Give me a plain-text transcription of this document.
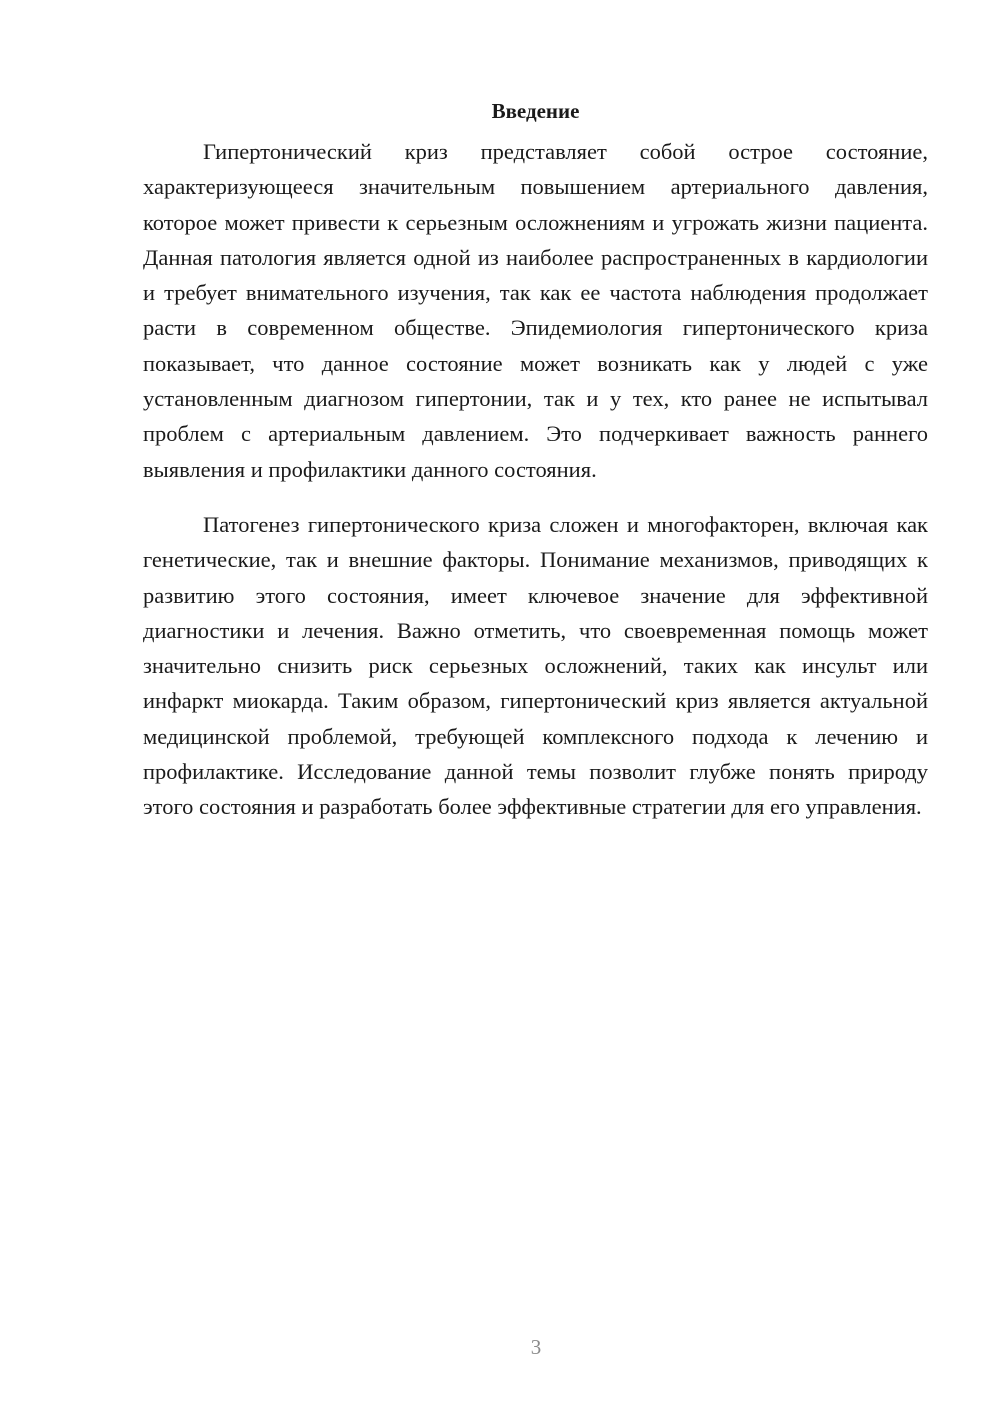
Введение

Гипертонический криз представляет собой острое состояние, характеризующееся значительным повышением артериального давления, которое может привести к серьезным осложнениям и угрожать жизни пациента. Данная патология является одной из наиболее распространенных в кардиологии и требует внимательного изучения, так как ее частота наблюдения продолжает расти в современном обществе. Эпидемиология гипертонического криза показывает, что данное состояние может возникать как у людей с уже установленным диагнозом гипертонии, так и у тех, кто ранее не испытывал проблем с артериальным давлением. Это подчеркивает важность раннего выявления и профилактики данного состояния.

Патогенез гипертонического криза сложен и многофакторен, включая как генетические, так и внешние факторы. Понимание механизмов, приводящих к развитию этого состояния, имеет ключевое значение для эффективной диагностики и лечения. Важно отметить, что своевременная помощь может значительно снизить риск серьезных осложнений, таких как инсульт или инфаркт миокарда. Таким образом, гипертонический криз является актуальной медицинской проблемой, требующей комплексного подхода к лечению и профилактике. Исследование данной темы позволит глубже понять природу этого состояния и разработать более эффективные стратегии для его управления.

3
